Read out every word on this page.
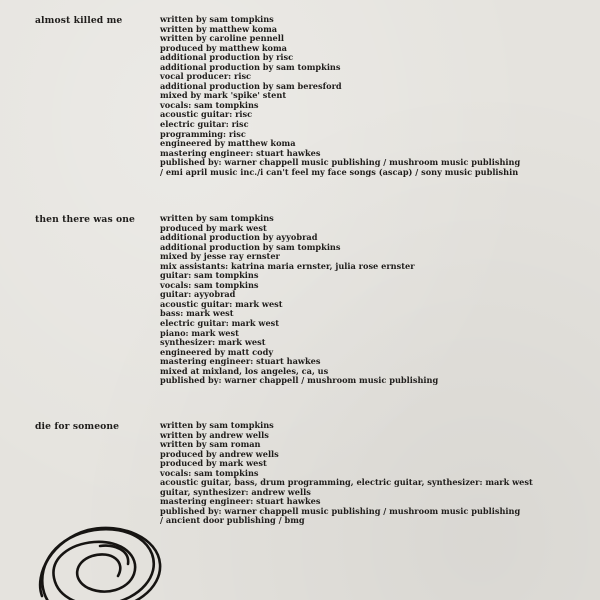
almost killed me	written by sam tompkins
written by matthew koma
written by caroline pennell
produced by matthew koma
additional production by risc
additional production by sam tompkins
vocal producer: risc
additional production by sam beresford
mixed by mark 'spike' stent
vocals: sam tompkins
acoustic guitar: risc
electric guitar: risc
programming: risc
engineered by matthew koma
mastering engineer: stuart hawkes
published by: warner chappell music publishing / mushroom music publishing
/ emi april music inc./i can't feel my face songs (ascap) / sony music publishin
then there was one	written by sam tompkins
produced by mark west
additional production by ayyobrad
additional production by sam tompkins
mixed by jesse ray ernster
mix assistants: katrina maria ernster, julia rose ernster
guitar: sam tompkins
vocals: sam tompkins
guitar: ayyobrad
acoustic guitar: mark west
bass: mark west
electric guitar: mark west
piano: mark west
synthesizer: mark west
engineered by matt cody
mastering engineer: stuart hawkes
mixed at mixland, los angeles, ca, us
published by: warner chappell / mushroom music publishing
die for someone	written by sam tompkins
written by andrew wells
written by sam roman
produced by andrew wells
produced by mark west
vocals: sam tompkins
acoustic guitar, bass, drum programming, electric guitar, synthesizer: mark west
guitar, synthesizer: andrew wells
mastering engineer: stuart hawkes
published by: warner chappell music publishing / mushroom music publishing
/ ancient door publishing / bmg
